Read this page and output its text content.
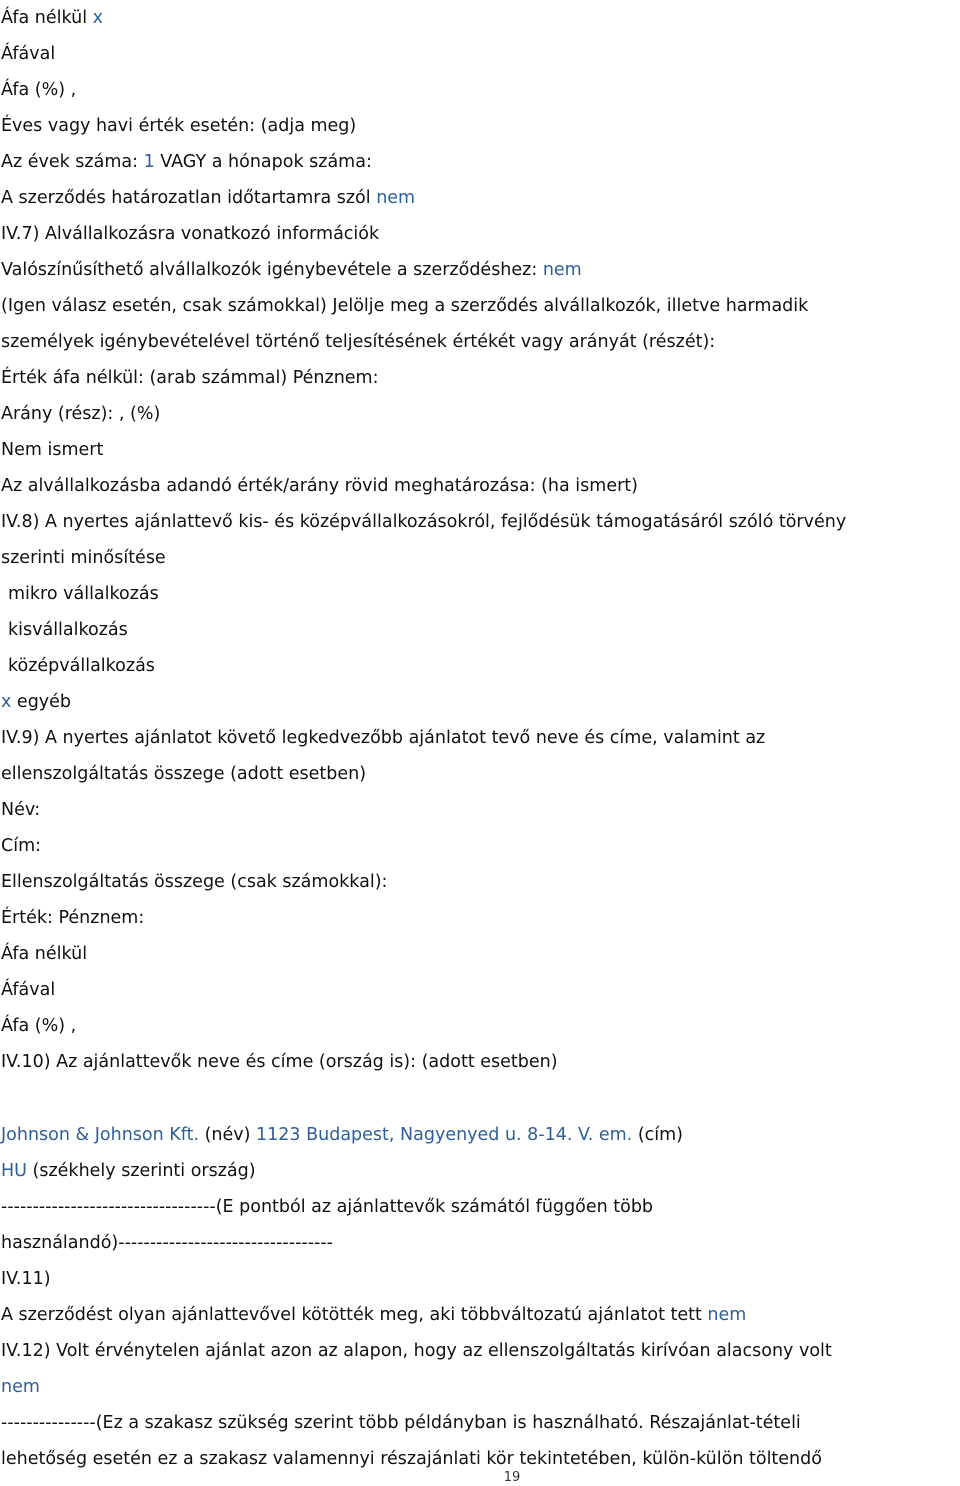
Áfa nélkül x
Áfával
Áfa (%) ,
Éves vagy havi érték esetén: (adja meg)
Az évek száma: 1 VAGY a hónapok száma:
A szerződés határozatlan időtartamra szól nem
IV.7) Alvállalkozásra vonatkozó információk
Valószínűsíthető alvállalkozók igénybevétele a szerződéshez: nem
(Igen válasz esetén, csak számokkal) Jelölje meg a szerződés alvállalkozók, illetve harmadik
személyek igénybevételével történő teljesítésének értékét vagy arányát (részét):
Érték áfa nélkül: (arab számmal) Pénznem:
Arány (rész): , (%)
Nem ismert
Az alvállalkozásba adandó érték/arány rövid meghatározása: (ha ismert)
IV.8) A nyertes ajánlattevő kis- és középvállalkozásokról, fejlődésük támogatásáról szóló törvény
szerinti minősítése
mikro vállalkozás
kisvállalkozás
középvállalkozás
x egyéb
IV.9) A nyertes ajánlatot követő legkedvezőbb ajánlatot tevő neve és címe, valamint az
ellenszolgáltatás összege (adott esetben)
Név:
Cím:
Ellenszolgáltatás összege (csak számokkal):
Érték: Pénznem:
Áfa nélkül
Áfával
Áfa (%) ,
IV.10) Az ajánlattevők neve és címe (ország is): (adott esetben)
Johnson & Johnson Kft. (név) 1123 Budapest, Nagyenyed u. 8-14. V. em. (cím)
HU (székhely szerinti ország)
----------------------------------(E pontból az ajánlattevők számától függően több
használandó)----------------------------------
IV.11)
A szerződést olyan ajánlattevővel kötötték meg, aki többváltozatú ajánlatot tett nem
IV.12) Volt érvénytelen ajánlat azon az alapon, hogy az ellenszolgáltatás kirívóan alacsony volt
nem
---------------(Ez a szakasz szükség szerint több példányban is használható. Részajánlat-tételi
lehetőség esetén ez a szakasz valamennyi részajánlati kör tekintetében, külön-külön töltendő
19
